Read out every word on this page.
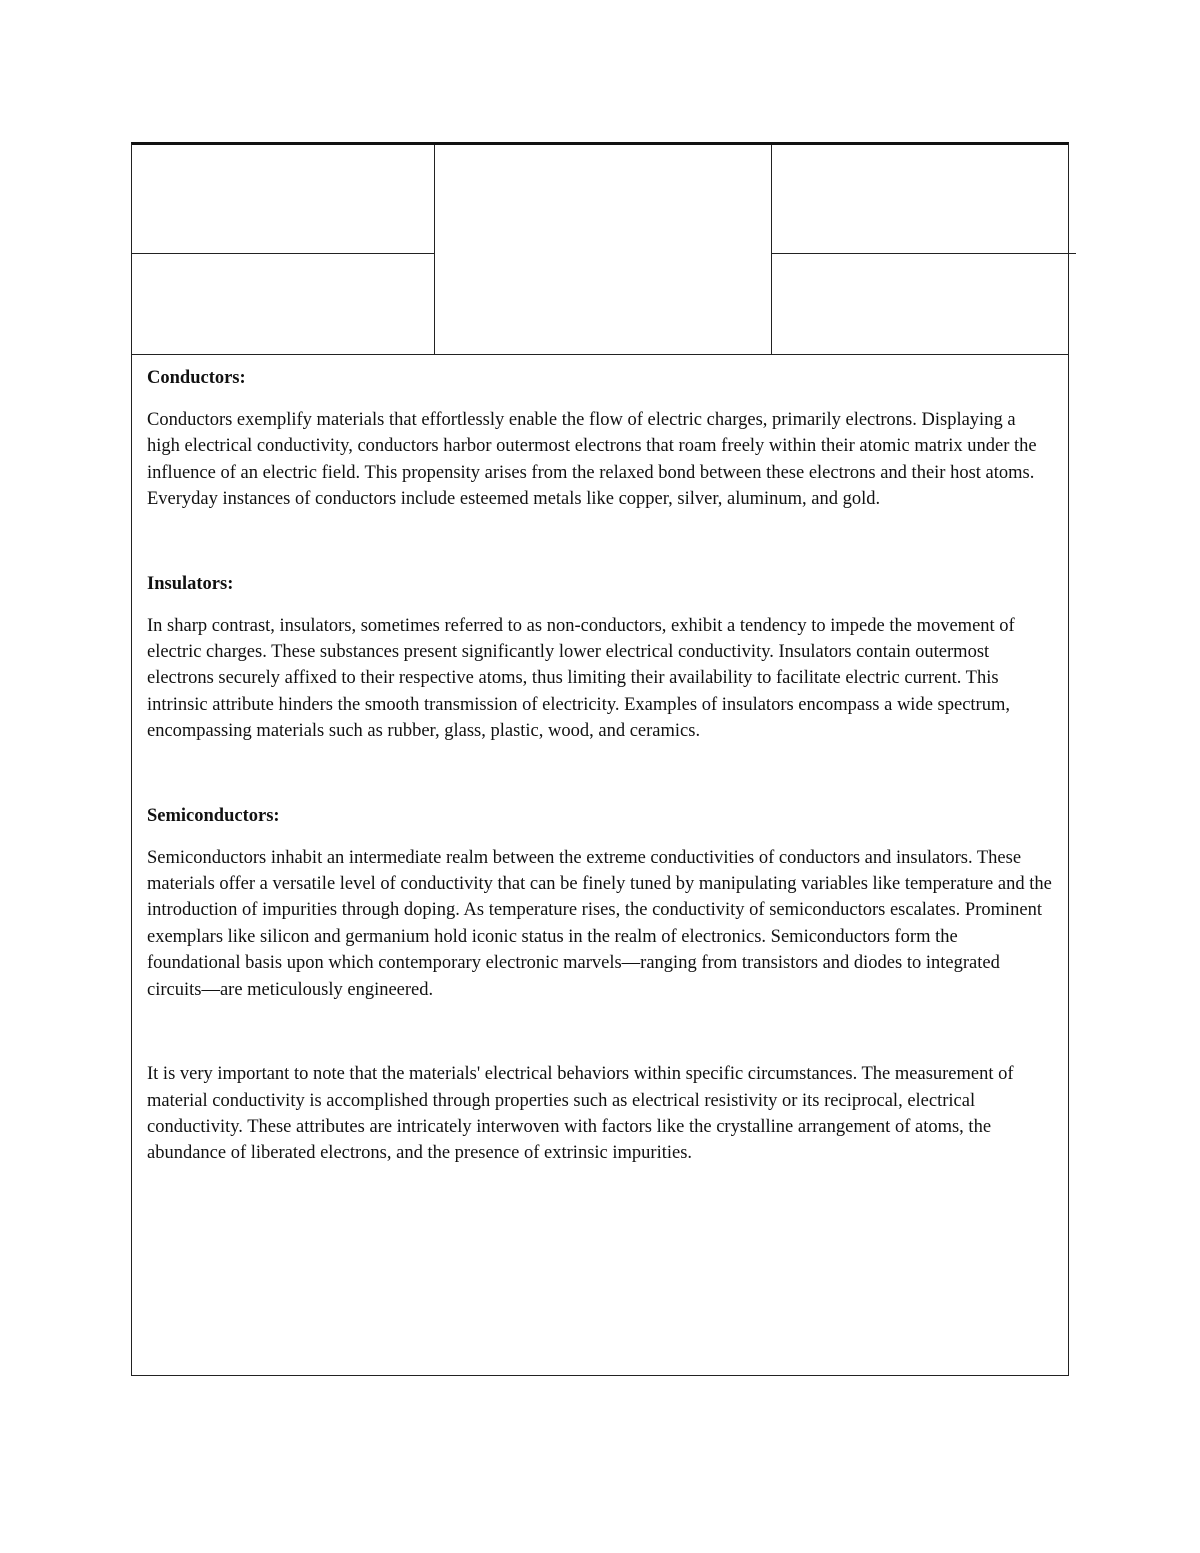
Conductors:

Conductors exemplify materials that effortlessly enable the flow of electric charges, primarily electrons. Displaying a high electrical conductivity, conductors harbor outermost electrons that roam freely within their atomic matrix under the influence of an electric field. This propensity arises from the relaxed bond between these electrons and their host atoms. Everyday instances of conductors include esteemed metals like copper, silver, aluminum, and gold.

Insulators:

In sharp contrast, insulators, sometimes referred to as non-conductors, exhibit a tendency to impede the movement of electric charges. These substances present significantly lower electrical conductivity. Insulators contain outermost electrons securely affixed to their respective atoms, thus limiting their availability to facilitate electric current. This intrinsic attribute hinders the smooth transmission of electricity. Examples of insulators encompass a wide spectrum, encompassing materials such as rubber, glass, plastic, wood, and ceramics.

Semiconductors:

Semiconductors inhabit an intermediate realm between the extreme conductivities of conductors and insulators. These materials offer a versatile level of conductivity that can be finely tuned by manipulating variables like temperature and the introduction of impurities through doping. As temperature rises, the conductivity of semiconductors escalates. Prominent exemplars like silicon and germanium hold iconic status in the realm of electronics. Semiconductors form the foundational basis upon which contemporary electronic marvels—ranging from transistors and diodes to integrated circuits—are meticulously engineered.

It is very important to note that the materials' electrical behaviors within specific circumstances. The measurement of material conductivity is accomplished through properties such as electrical resistivity or its reciprocal, electrical conductivity. These attributes are intricately interwoven with factors like the crystalline arrangement of atoms, the abundance of liberated electrons, and the presence of extrinsic impurities.
